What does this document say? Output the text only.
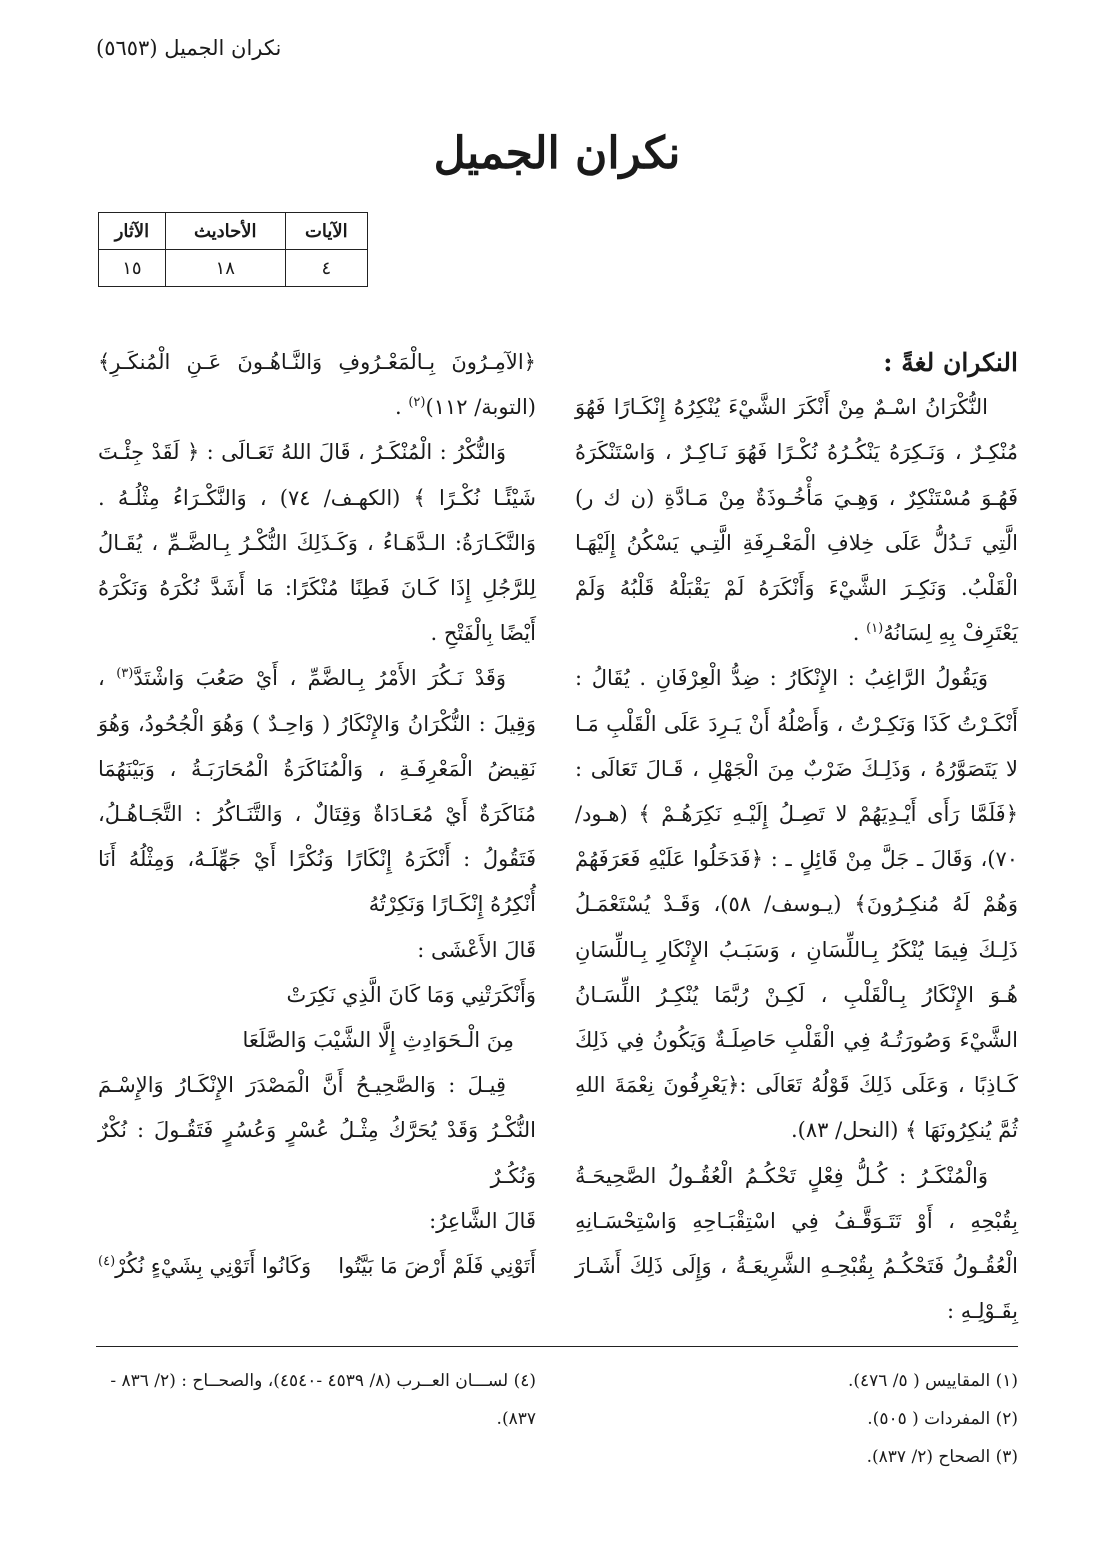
نكران الجميل (٥٦٥٣)
نكران الجميل
الآيات	الأحاديث	الآثار
٤	١٨	١٥

النكران لغةً :

النُّكْرَانُ اسْـمٌ مِنْ أَنْكَرَ الشَّيْءَ يُنْكِرُهُ إِنْكَـارًا فَهُوَ مُنْكِـرٌ ، وَنَـكِرَهُ يَنْكُـرُهُ نُكْـرًا فَهُوَ نَـاكِـرٌ ، وَاسْتَنْكَرَهُ فَهُـوَ مُسْتَنْكِرٌ ، وَهِـيَ مَأْخُـوذَةٌ مِنْ مَـادَّةِ (ن ك ر) الَّتِي تَـدُلُّ عَلَى خِلافِ الْمَعْـرِفَةِ الَّتِـي يَسْكُنُ إِلَيْهَـا الْقَلْبُ. وَنَكِـرَ الشَّيْءَ وَأَنْكَرَهُ لَمْ يَقْبَلْهُ قَلْبُهُ وَلَمْ يَعْتَرِفْ بِهِ لِسَانُهُ$^{(١)}$ .

وَيَقُولُ الرَّاغِبُ : الإِنْكَارُ : ضِدُّ الْعِرْفَانِ . يُقَالُ : أَنْكَـرْتُ كَذَا وَنَكِـرْتُ ، وَأَصْلُهُ أَنْ يَـرِدَ عَلَى الْقَلْبِ مَـا لا يَتَصَوَّرُهُ ، وَذَلِـكَ ضَرْبٌ مِنَ الْجَهْلِ ، قَـالَ تَعَالَى : ﴿فَلَمَّا رَأَى أَيْـدِيَهُمْ لا تَصِـلُ إِلَيْـهِ نَكِرَهُـمْ ﴾ (هـود/ ٧٠)، وَقَالَ ـ جَلَّ مِنْ قَائِلٍ ـ : ﴿فَدَخَلُوا عَلَيْهِ فَعَرَفَهُمْ وَهُمْ لَهُ مُنكِـرُونَ﴾ (يـوسف/ ٥٨)، وَقَـدْ يُسْتَعْمَـلُ ذَلِـكَ فِيمَا يُنْكَرُ بِـاللِّسَانِ ، وَسَبَـبُ الإِنْكَارِ بِـاللِّسَانِ هُـوَ الإِنْكَارُ بِـالْقَلْبِ ، لَكِـنْ رُبَّمَا يُنْكِـرُ اللِّسَـانُ الشَّيْءَ وَصُورَتُـهُ فِي الْقَلْبِ حَاصِلَـةٌ وَيَكُونُ فِي ذَلِكَ كَـاذِبًا ، وَعَلَى ذَلِكَ قَوْلُهُ تَعَالَى :﴿يَعْرِفُونَ نِعْمَةَ اللهِ ثُمَّ يُنكِرُونَهَا ﴾ (النحل/ ٨٣).

وَالْمُنْكَـرُ : كُـلُّ فِعْلٍ تَحْكُـمُ الْعُقُـولُ الصَّحِيحَـةُ بِقُبْحِهِ ، أَوْ تَتَـوَقَّـفُ فِي اسْتِقْبَـاحِهِ وَاسْتِحْسَـانِهِ الْعُقُـولُ فَتَحْكُـمُ بِقُبْحِـهِ الشَّرِيعَـةُ ، وَإِلَى ذَلِكَ أَشَـارَ بِقَـوْلِـهِ :

﴿الآمِـرُونَ بِـالْمَعْـرُوفِ وَالنَّـاهُـونَ عَـنِ الْمُنكَـرِ﴾ (التوبة/ ١١٢)$^{(٢)}$ .

وَالنُّكْرُ : الْمُنْكَـرُ ، قَالَ اللهُ تَعَـالَى : ﴿ لَقَدْ جِئْـتَ شَيْئًـا نُكْـرًا ﴾ (الكهـف/ ٧٤) ، وَالنَّكْـرَاءُ مِثْلُـهُ . وَالنَّكَـارَةُ: الـدَّهَـاءُ ، وَكَـذَلِكَ النُّكْـرُ بِـالضَّـمِّ ، يُقَـالُ لِلرَّجُلِ إِذَا كَـانَ فَطِنًا مُنْكَرًا: مَا أَشَدَّ نُكْرَهُ وَنَكْرَهُ أَيْضًا بِالْفَتْحِ .

وَقَدْ نَـكُرَ الأَمْرُ بِـالضَّمِّ ، أَيْ صَعُبَ وَاشْتَدَّ$^{(٣)}$ ، وَقِيلَ : النُّكْرَانُ وَالإِنْكَارُ ( وَاحِـدٌ ) وَهُوَ الْجُحُودُ، وَهُوَ نَقِيضُ الْمَعْرِفَـةِ ، وَالْمُنَاكَرَةُ الْمُحَارَبَـةُ ، وَبَيْنَهُمَا مُنَاكَرَةٌ أَيْ مُعَـادَاةٌ وَقِتَالٌ ، وَالتَّنَـاكُرُ : التَّجَـاهُـلُ، فَتَقُولُ : أَنْكَرَهُ إِنْكَارًا وَنُكْرًا أَيْ جَهِّلَـهُ، وَمِثْلُهُ أَنَا أُنْكِرُهُ إِنْكَـارًا وَنَكِرْتُهُ

قَالَ الأَعْشَى :

وَأَنْكَرَتْنِي وَمَا كَانَ الَّذِي نَكِرَتْ
مِنَ الْـحَوَادِثِ إِلَّا الشَّيْبَ وَالصَّلَعَا

قِيـلَ : وَالصَّحِيـحُ أَنَّ الْمَصْدَرَ الإِنْكَـارُ وَالإِسْـمَ النُّكْـرُ وَقَدْ يُحَرَّكُ مِثْـلُ عُسْرٍ وَعُسُرٍ فَتَقُـولَ : نُكْرٌ وَنُكُـرٌ

قَالَ الشَّاعِرُ:

أَتَوْنِي فَلَمْ أَرْضَ مَا بَيَّتُوا
وَكَانُوا أَتَوْنِي بِشَيْءٍ نُكُرْ$^{(٤)}$

(١) المقاييس ( ٥/ ٤٧٦).

(٢) المفردات ( ٥٠٥).

(٣) الصحاح (٢/ ٨٣٧).

(٤) لســـان العــرب (٨/ ٤٥٣٩ -٤٥٤٠)، والصحــاح : (٢/ ٨٣٦ - ٨٣٧).
